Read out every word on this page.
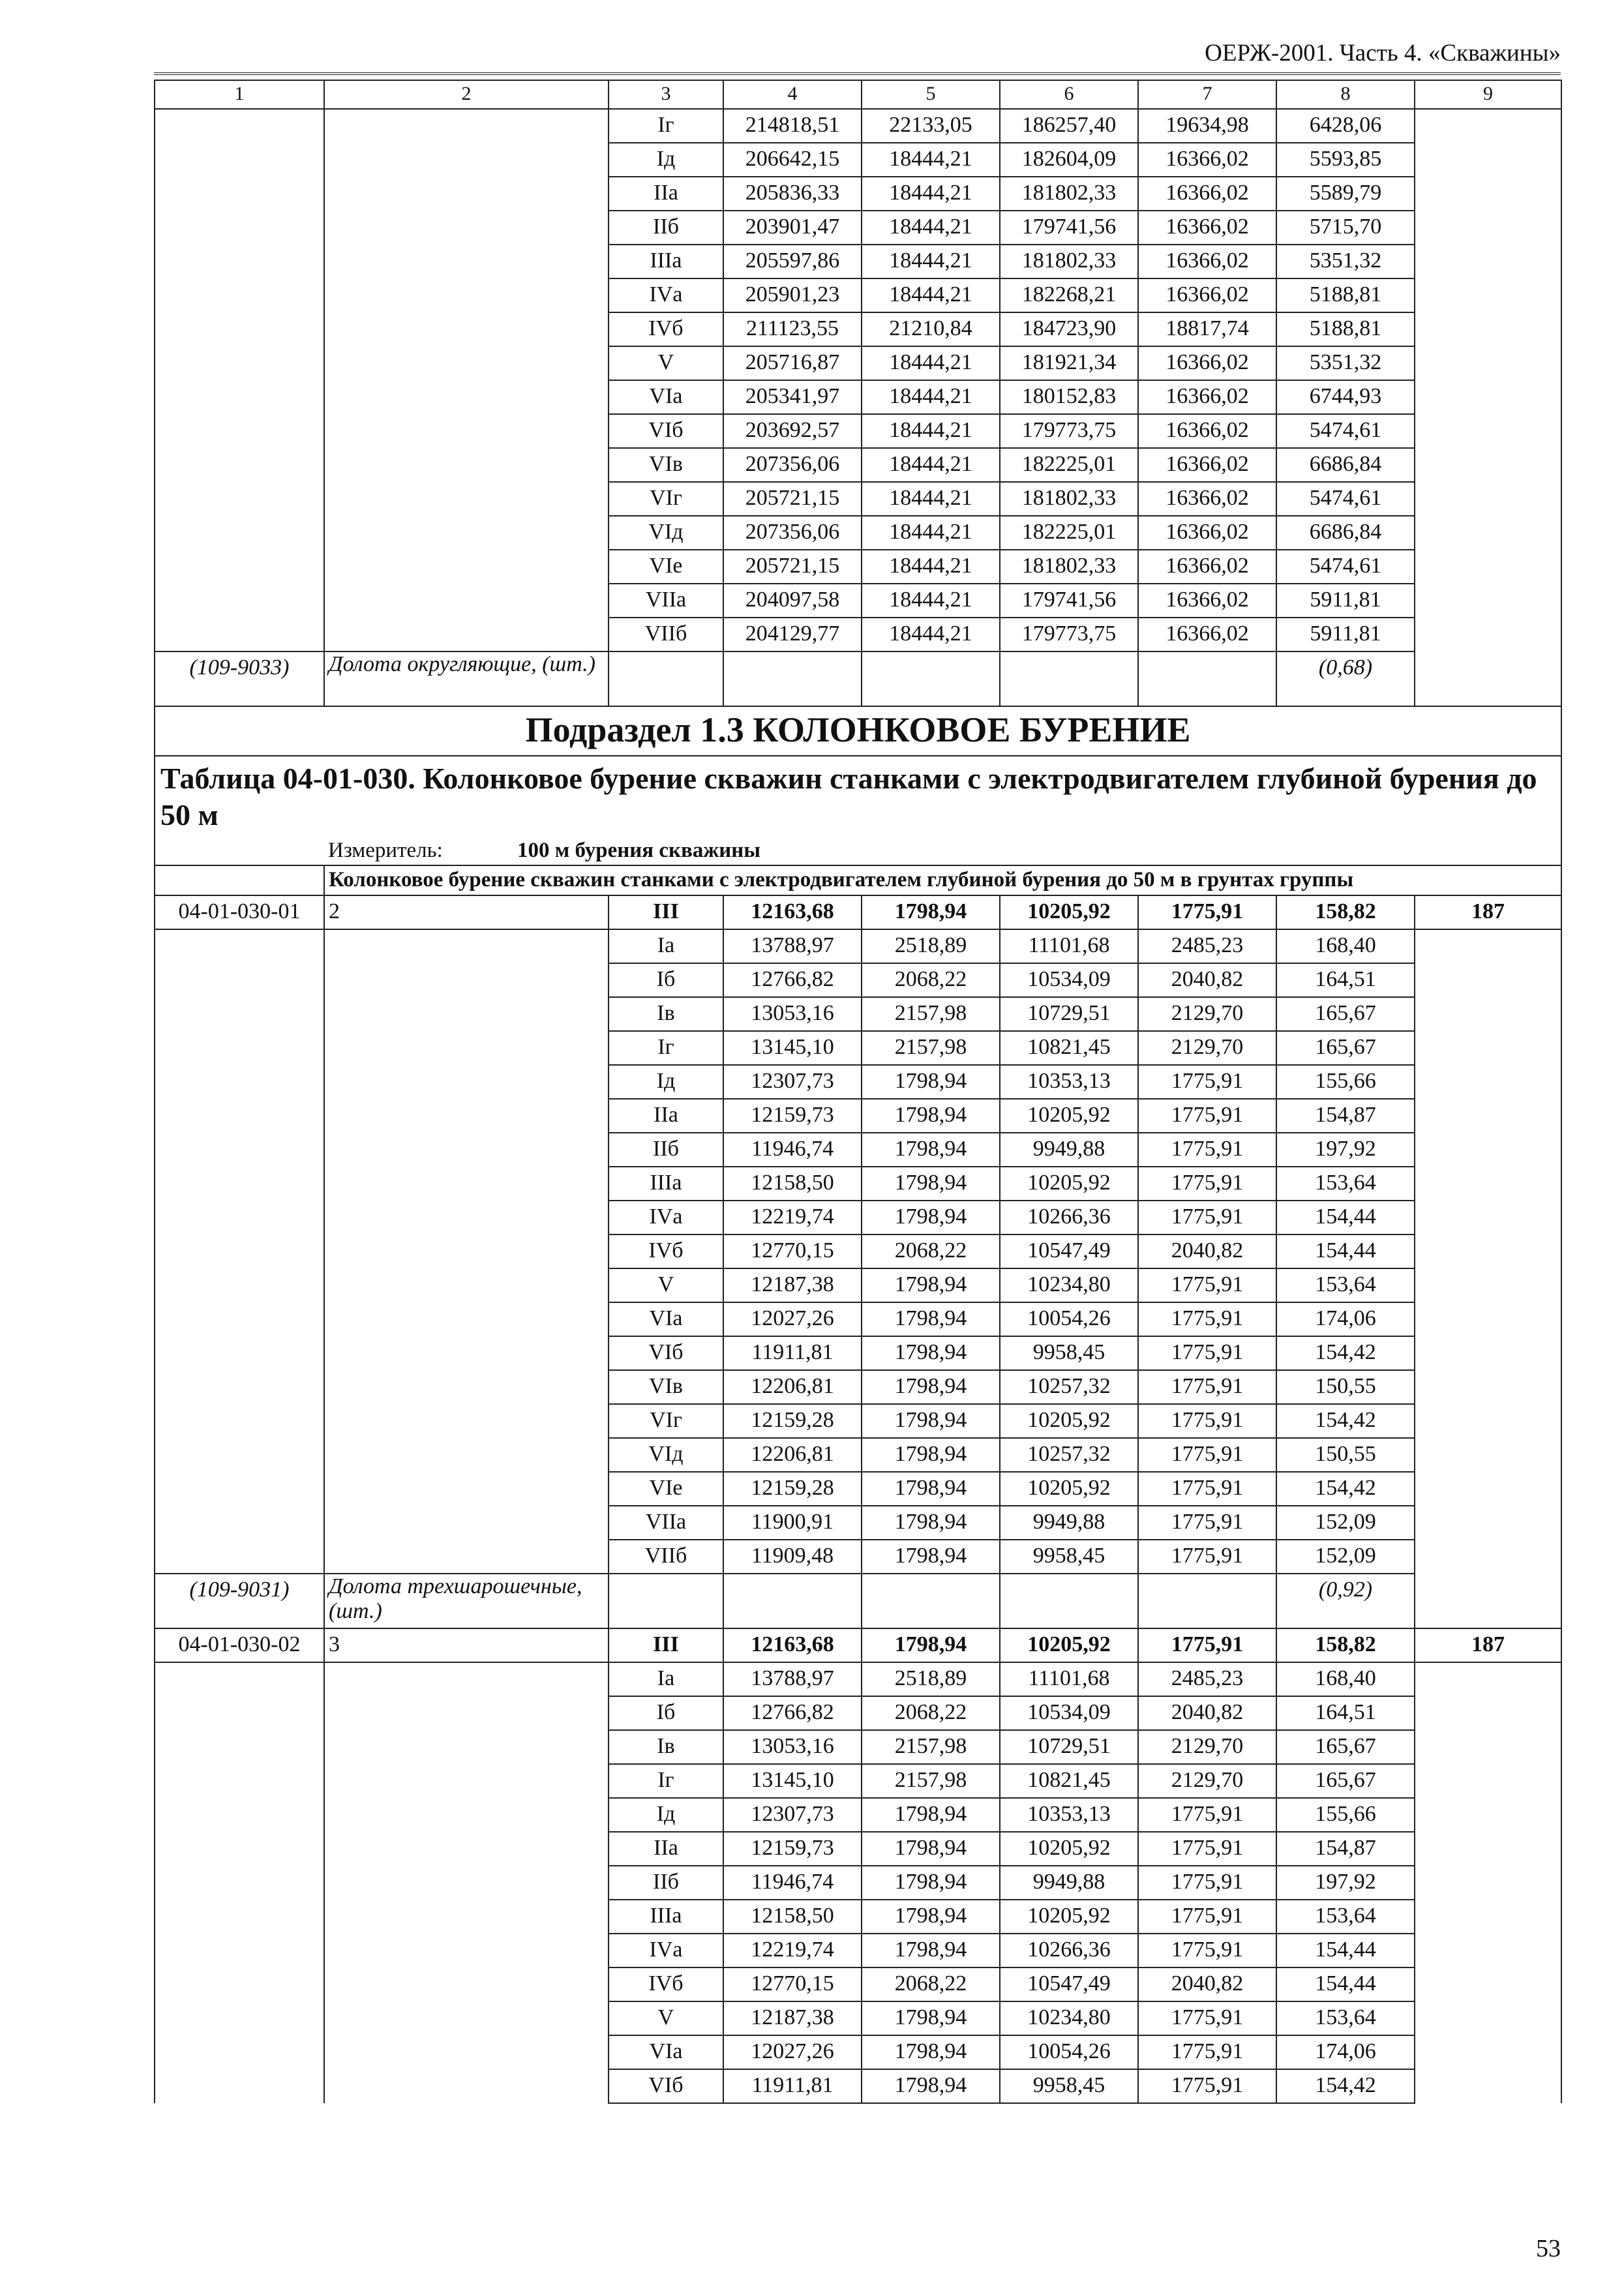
ОЕРЖ-2001. Часть 4. «Скважины»
1	2	3	4	5	6	7	8	9
		Iг	214818,51	22133,05	186257,40	19634,98	6428,06	
		Iд	206642,15	18444,21	182604,09	16366,02	5593,85	
		IIа	205836,33	18444,21	181802,33	16366,02	5589,79	
		IIб	203901,47	18444,21	179741,56	16366,02	5715,70	
		IIIа	205597,86	18444,21	181802,33	16366,02	5351,32	
		IVа	205901,23	18444,21	182268,21	16366,02	5188,81	
		IVб	211123,55	21210,84	184723,90	18817,74	5188,81	
		V	205716,87	18444,21	181921,34	16366,02	5351,32	
		VIа	205341,97	18444,21	180152,83	16366,02	6744,93	
		VIб	203692,57	18444,21	179773,75	16366,02	5474,61	
		VIв	207356,06	18444,21	182225,01	16366,02	6686,84	
		VIг	205721,15	18444,21	181802,33	16366,02	5474,61	
		VIд	207356,06	18444,21	182225,01	16366,02	6686,84	
		VIе	205721,15	18444,21	181802,33	16366,02	5474,61	
		VIIа	204097,58	18444,21	179741,56	16366,02	5911,81	
		VIIб	204129,77	18444,21	179773,75	16366,02	5911,81	
(109-9033)	Долота округляющие, (шт.)						(0,68)	
Подраздел 1.3 КОЛОНКОВОЕ БУРЕНИЕ								
Таблица 04-01-030. Колонковое бурение скважин станками с электродвигателем глубиной бурения до 50 м								
	Измеритель: 100 м бурения скважины							
	Колонковое бурение скважин станками с электродвигателем глубиной бурения до 50 м в грунтах группы							
04-01-030-01	2	III	12163,68	1798,94	10205,92	1775,91	158,82	187
		Iа	13788,97	2518,89	11101,68	2485,23	168,40	
		Iб	12766,82	2068,22	10534,09	2040,82	164,51	
		Iв	13053,16	2157,98	10729,51	2129,70	165,67	
		Iг	13145,10	2157,98	10821,45	2129,70	165,67	
		Iд	12307,73	1798,94	10353,13	1775,91	155,66	
		IIа	12159,73	1798,94	10205,92	1775,91	154,87	
		IIб	11946,74	1798,94	9949,88	1775,91	197,92	
		IIIа	12158,50	1798,94	10205,92	1775,91	153,64	
		IVа	12219,74	1798,94	10266,36	1775,91	154,44	
		IVб	12770,15	2068,22	10547,49	2040,82	154,44	
		V	12187,38	1798,94	10234,80	1775,91	153,64	
		VIа	12027,26	1798,94	10054,26	1775,91	174,06	
		VIб	11911,81	1798,94	9958,45	1775,91	154,42	
		VIв	12206,81	1798,94	10257,32	1775,91	150,55	
		VIг	12159,28	1798,94	10205,92	1775,91	154,42	
		VIд	12206,81	1798,94	10257,32	1775,91	150,55	
		VIе	12159,28	1798,94	10205,92	1775,91	154,42	
		VIIа	11900,91	1798,94	9949,88	1775,91	152,09	
		VIIб	11909,48	1798,94	9958,45	1775,91	152,09	
(109-9031)	Долота трехшарошечные, (шт.)						(0,92)	
04-01-030-02	3	III	12163,68	1798,94	10205,92	1775,91	158,82	187
		Iа	13788,97	2518,89	11101,68	2485,23	168,40	
		Iб	12766,82	2068,22	10534,09	2040,82	164,51	
		Iв	13053,16	2157,98	10729,51	2129,70	165,67	
		Iг	13145,10	2157,98	10821,45	2129,70	165,67	
		Iд	12307,73	1798,94	10353,13	1775,91	155,66	
		IIа	12159,73	1798,94	10205,92	1775,91	154,87	
		IIб	11946,74	1798,94	9949,88	1775,91	197,92	
		IIIа	12158,50	1798,94	10205,92	1775,91	153,64	
		IVа	12219,74	1798,94	10266,36	1775,91	154,44	
		IVб	12770,15	2068,22	10547,49	2040,82	154,44	
		V	12187,38	1798,94	10234,80	1775,91	153,64	
		VIа	12027,26	1798,94	10054,26	1775,91	174,06	
		VIб	11911,81	1798,94	9958,45	1775,91	154,42	
53
